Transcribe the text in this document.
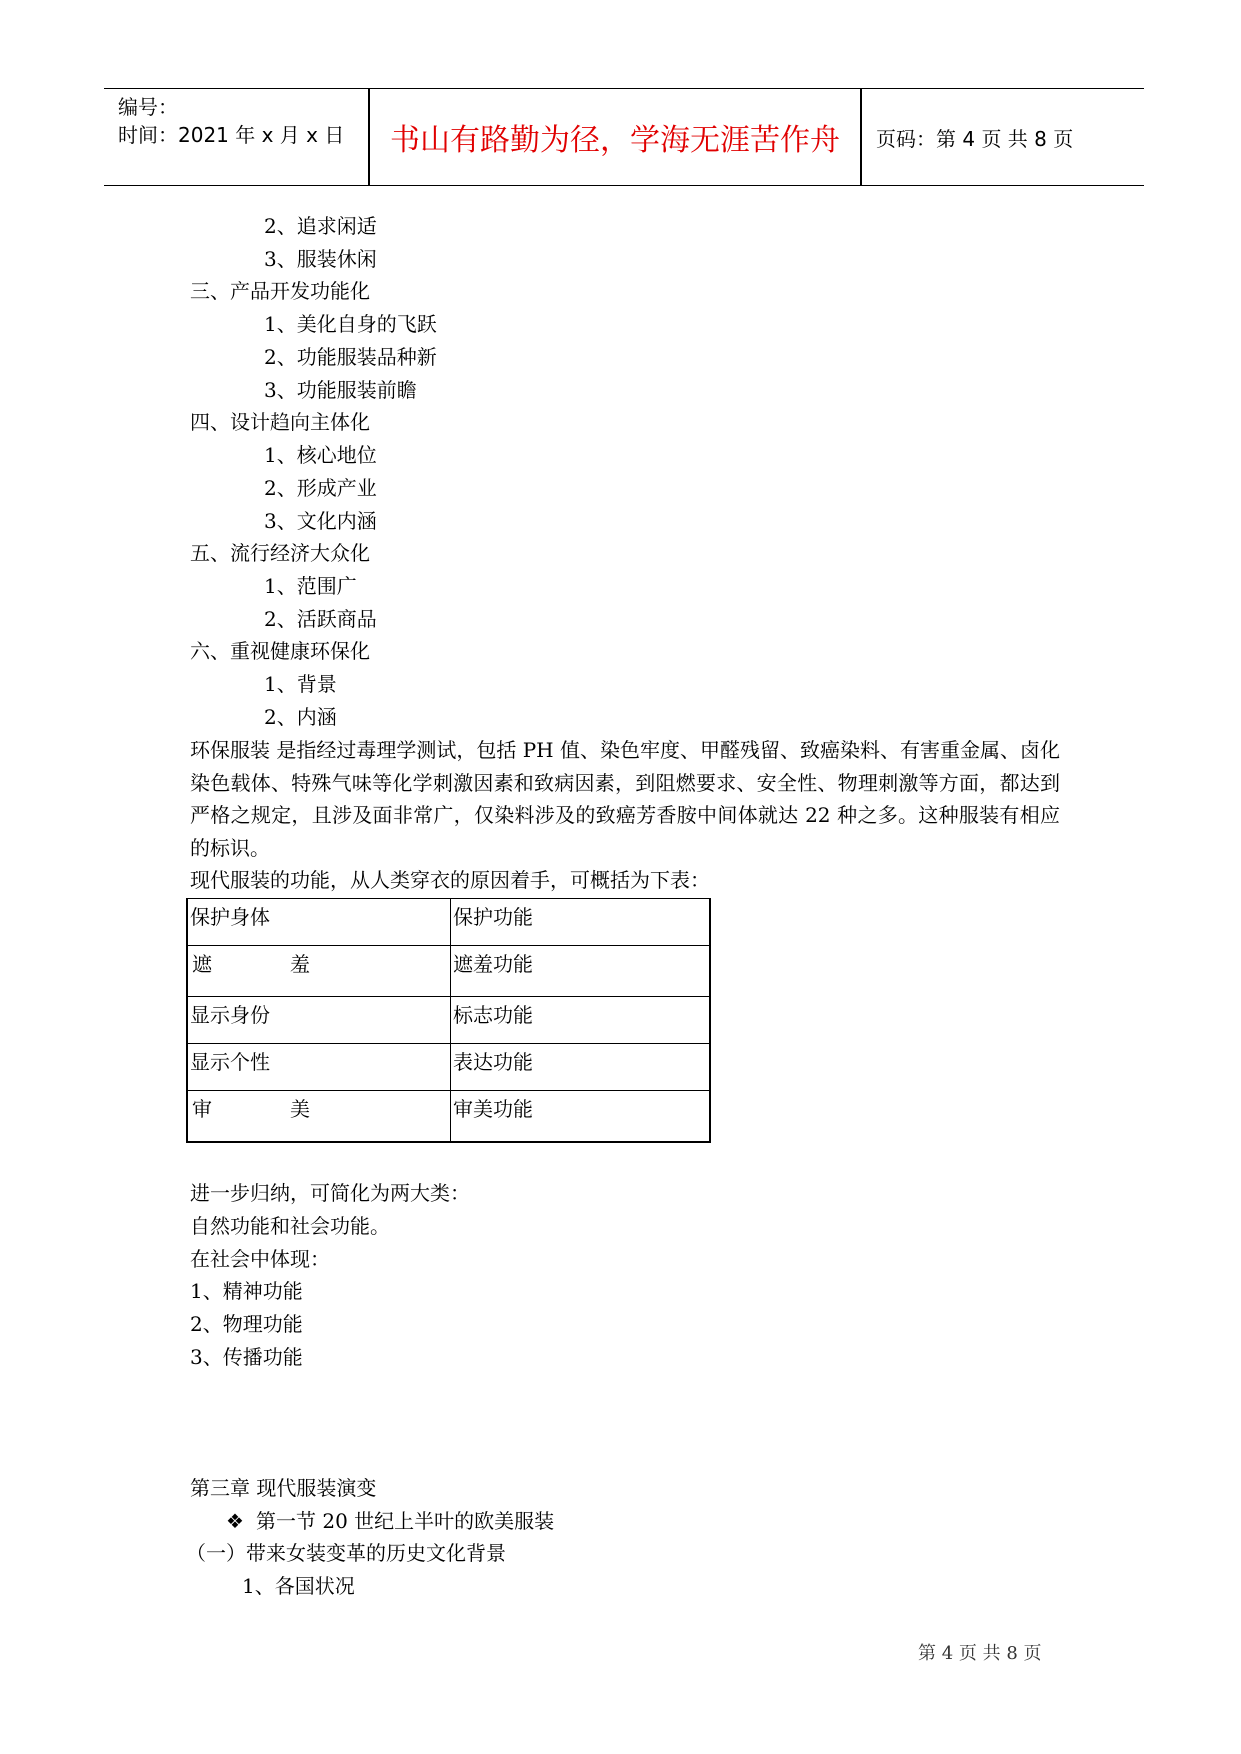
编号：
时间：2021 年 x 月 x 日	书山有路勤为径，学海无涯苦作舟	页码：第 4 页 共 8 页
2、追求闲适
3、服装休闲
三、产品开发功能化
1、美化自身的飞跃
2、功能服装品种新
3、功能服装前瞻
四、设计趋向主体化
1、核心地位
2、形成产业
3、文化内涵
五、流行经济大众化
1、范围广
2、活跃商品
六、重视健康环保化
1、背景
2、内涵
环保服装 是指经过毒理学测试，包括 PH 值、染色牢度、甲醛残留、致癌染料、有害重金属、卤化染色载体、特殊气味等化学刺激因素和致病因素，到阻燃要求、安全性、物理刺激等方面，都达到严格之规定，且涉及面非常广，仅染料涉及的致癌芳香胺中间体就达 22 种之多。这种服装有相应的标识。
现代服装的功能，从人类穿衣的原因着手，可概括为下表：
保护身体	保护功能

遮 羞	遮羞功能
显示身份	标志功能
显示个性	表达功能

审 美	审美功能
进一步归纳，可简化为两大类：
自然功能和社会功能。
在社会中体现：
1、精神功能
2、物理功能
3、传播功能
第三章 现代服装演变
❖ 第一节 20 世纪上半叶的欧美服装
（一）带来女装变革的历史文化背景
1、各国状况
第 4 页 共 8 页
